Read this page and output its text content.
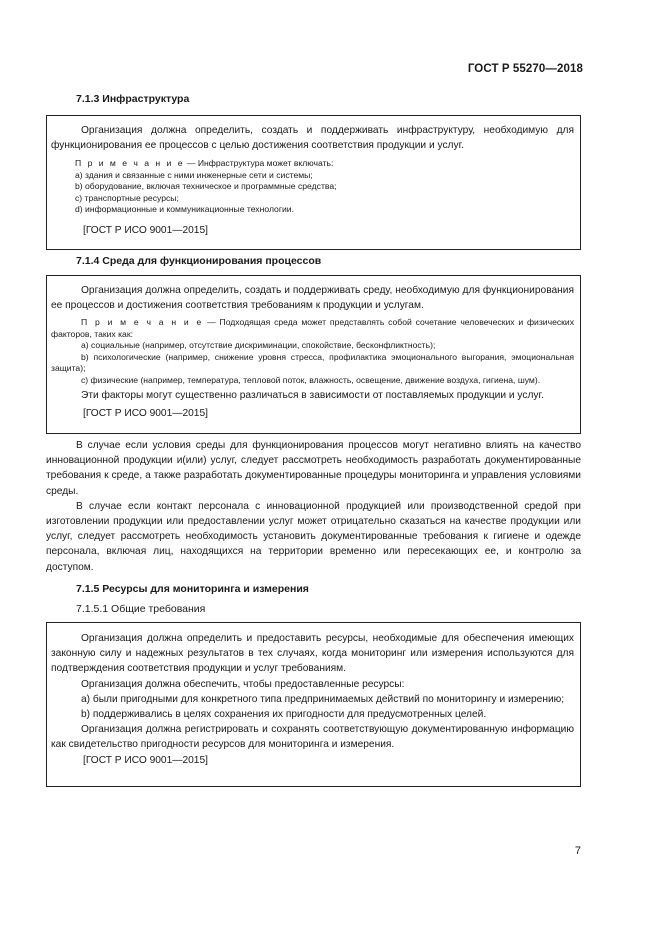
ГОСТ Р 55270—2018
7.1.3 Инфраструктура

Организация должна определить, создать и поддерживать инфраструктуру, необходимую для функционирования ее процессов с целью достижения соответствия продукции и услуг.

П р и м е ч а н и е — Инфраструктура может включать:

a) здания и связанные с ними инженерные сети и системы;

b) оборудование, включая техническое и программные средства;

c) транспортные ресурсы;

d) информационные и коммуникационные технологии.

[ГОСТ Р ИСО 9001—2015]

7.1.4 Среда для функционирования процессов

Организация должна определить, создать и поддерживать среду, необходимую для функционирования ее процессов и достижения соответствия требованиям к продукции и услугам.

П р и м е ч а н и е — Подходящая среда может представлять собой сочетание человеческих и физических факторов, таких как:

a) социальные (например, отсутствие дискриминации, спокойствие, бесконфликтность);

b) психологические (например, снижение уровня стресса, профилактика эмоционального выгорания, эмоциональная защита);

c) физические (например, температура, тепловой поток, влажность, освещение, движение воздуха, гигиена, шум).

Эти факторы могут существенно различаться в зависимости от поставляемых продукции и услуг.

[ГОСТ Р ИСО 9001—2015]

В случае если условия среды для функционирования процессов могут негативно влиять на качество инновационной продукции и(или) услуг, следует рассмотреть необходимость разработать документированные требования к среде, а также разработать документированные процедуры мониторинга и управления условиями среды.

В случае если контакт персонала с инновационной продукцией или производственной средой при изготовлении продукции или предоставлении услуг может отрицательно сказаться на качестве продукции или услуг, следует рассмотреть необходимость установить документированные требования к гигиене и одежде персонала, включая лиц, находящихся на территории временно или пересекающих ее, и контролю за доступом.

7.1.5 Ресурсы для мониторинга и измерения
7.1.5.1 Общие требования

Организация должна определить и предоставить ресурсы, необходимые для обеспечения имеющих законную силу и надежных результатов в тех случаях, когда мониторинг или измерения используются для подтверждения соответствия продукции и услуг требованиям.

Организация должна обеспечить, чтобы предоставленные ресурсы:

a) были пригодными для конкретного типа предпринимаемых действий по мониторингу и измерению;

b) поддерживались в целях сохранения их пригодности для предусмотренных целей.

Организация должна регистрировать и сохранять соответствующую документированную информацию как свидетельство пригодности ресурсов для мониторинга и измерения.

[ГОСТ Р ИСО 9001—2015]

7
